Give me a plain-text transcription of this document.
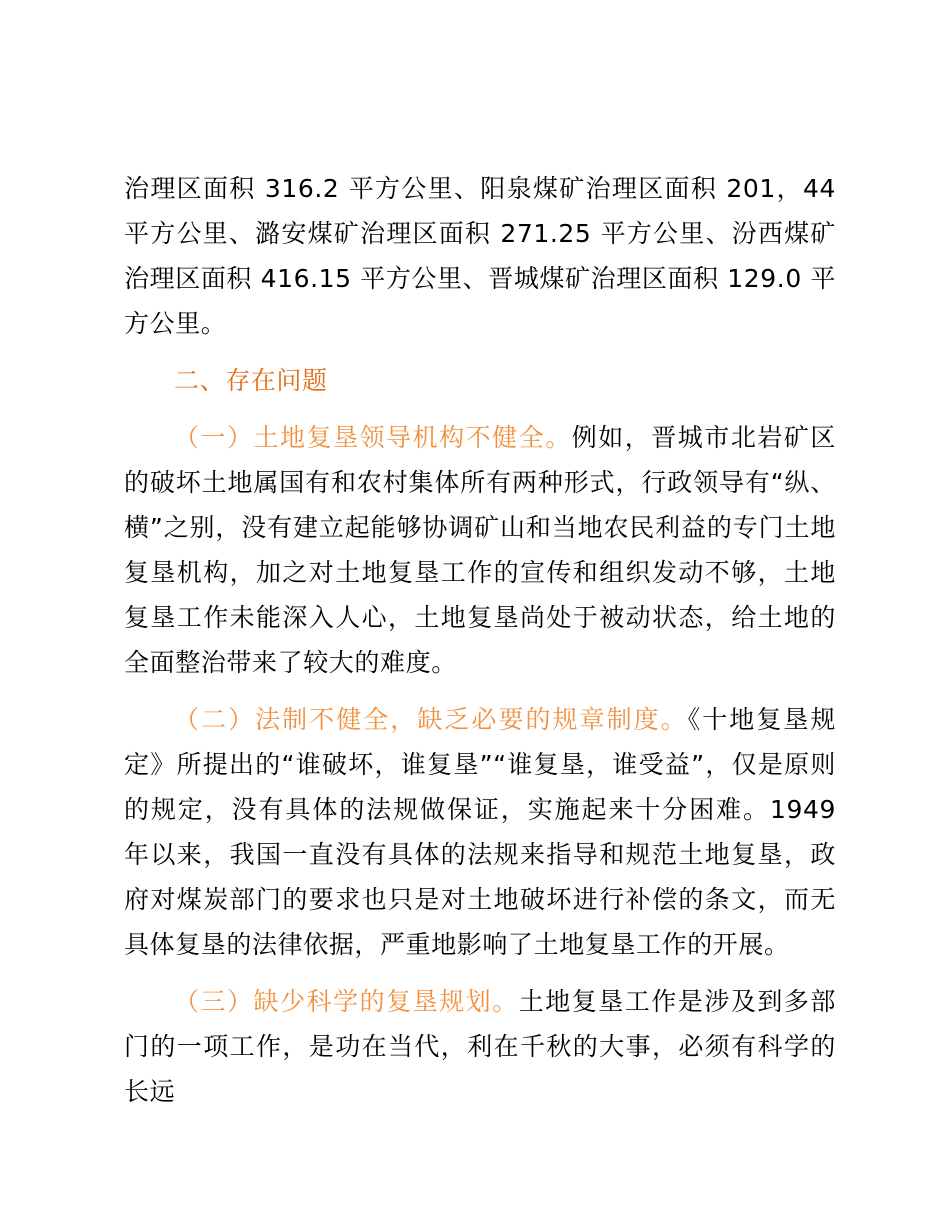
治理区面积 316.2 平方公里、阳泉煤矿治理区面积 201，44 平方公里、潞安煤矿治理区面积 271.25 平方公里、汾西煤矿治理区面积 416.15 平方公里、晋城煤矿治理区面积 129.0 平方公里。

二、存在问题

（一）土地复垦领导机构不健全。例如，晋城市北岩矿区的破坏土地属国有和农村集体所有两种形式，行政领导有“纵、横”之别，没有建立起能够协调矿山和当地农民利益的专门土地复垦机构，加之对土地复垦工作的宣传和组织发动不够，土地复垦工作未能深入人心，土地复垦尚处于被动状态，给土地的全面整治带来了较大的难度。

（二）法制不健全，缺乏必要的规章制度。《十地复垦规定》所提出的“谁破坏，谁复垦”“谁复垦，谁受益”，仅是原则的规定，没有具体的法规做保证，实施起来十分困难。1949 年以来，我国一直没有具体的法规来指导和规范土地复垦，政府对煤炭部门的要求也只是对土地破坏进行补偿的条文，而无具体复垦的法律依据，严重地影响了土地复垦工作的开展。

（三）缺少科学的复垦规划。土地复垦工作是涉及到多部门的一项工作，是功在当代，利在千秋的大事，必须有科学的长远
